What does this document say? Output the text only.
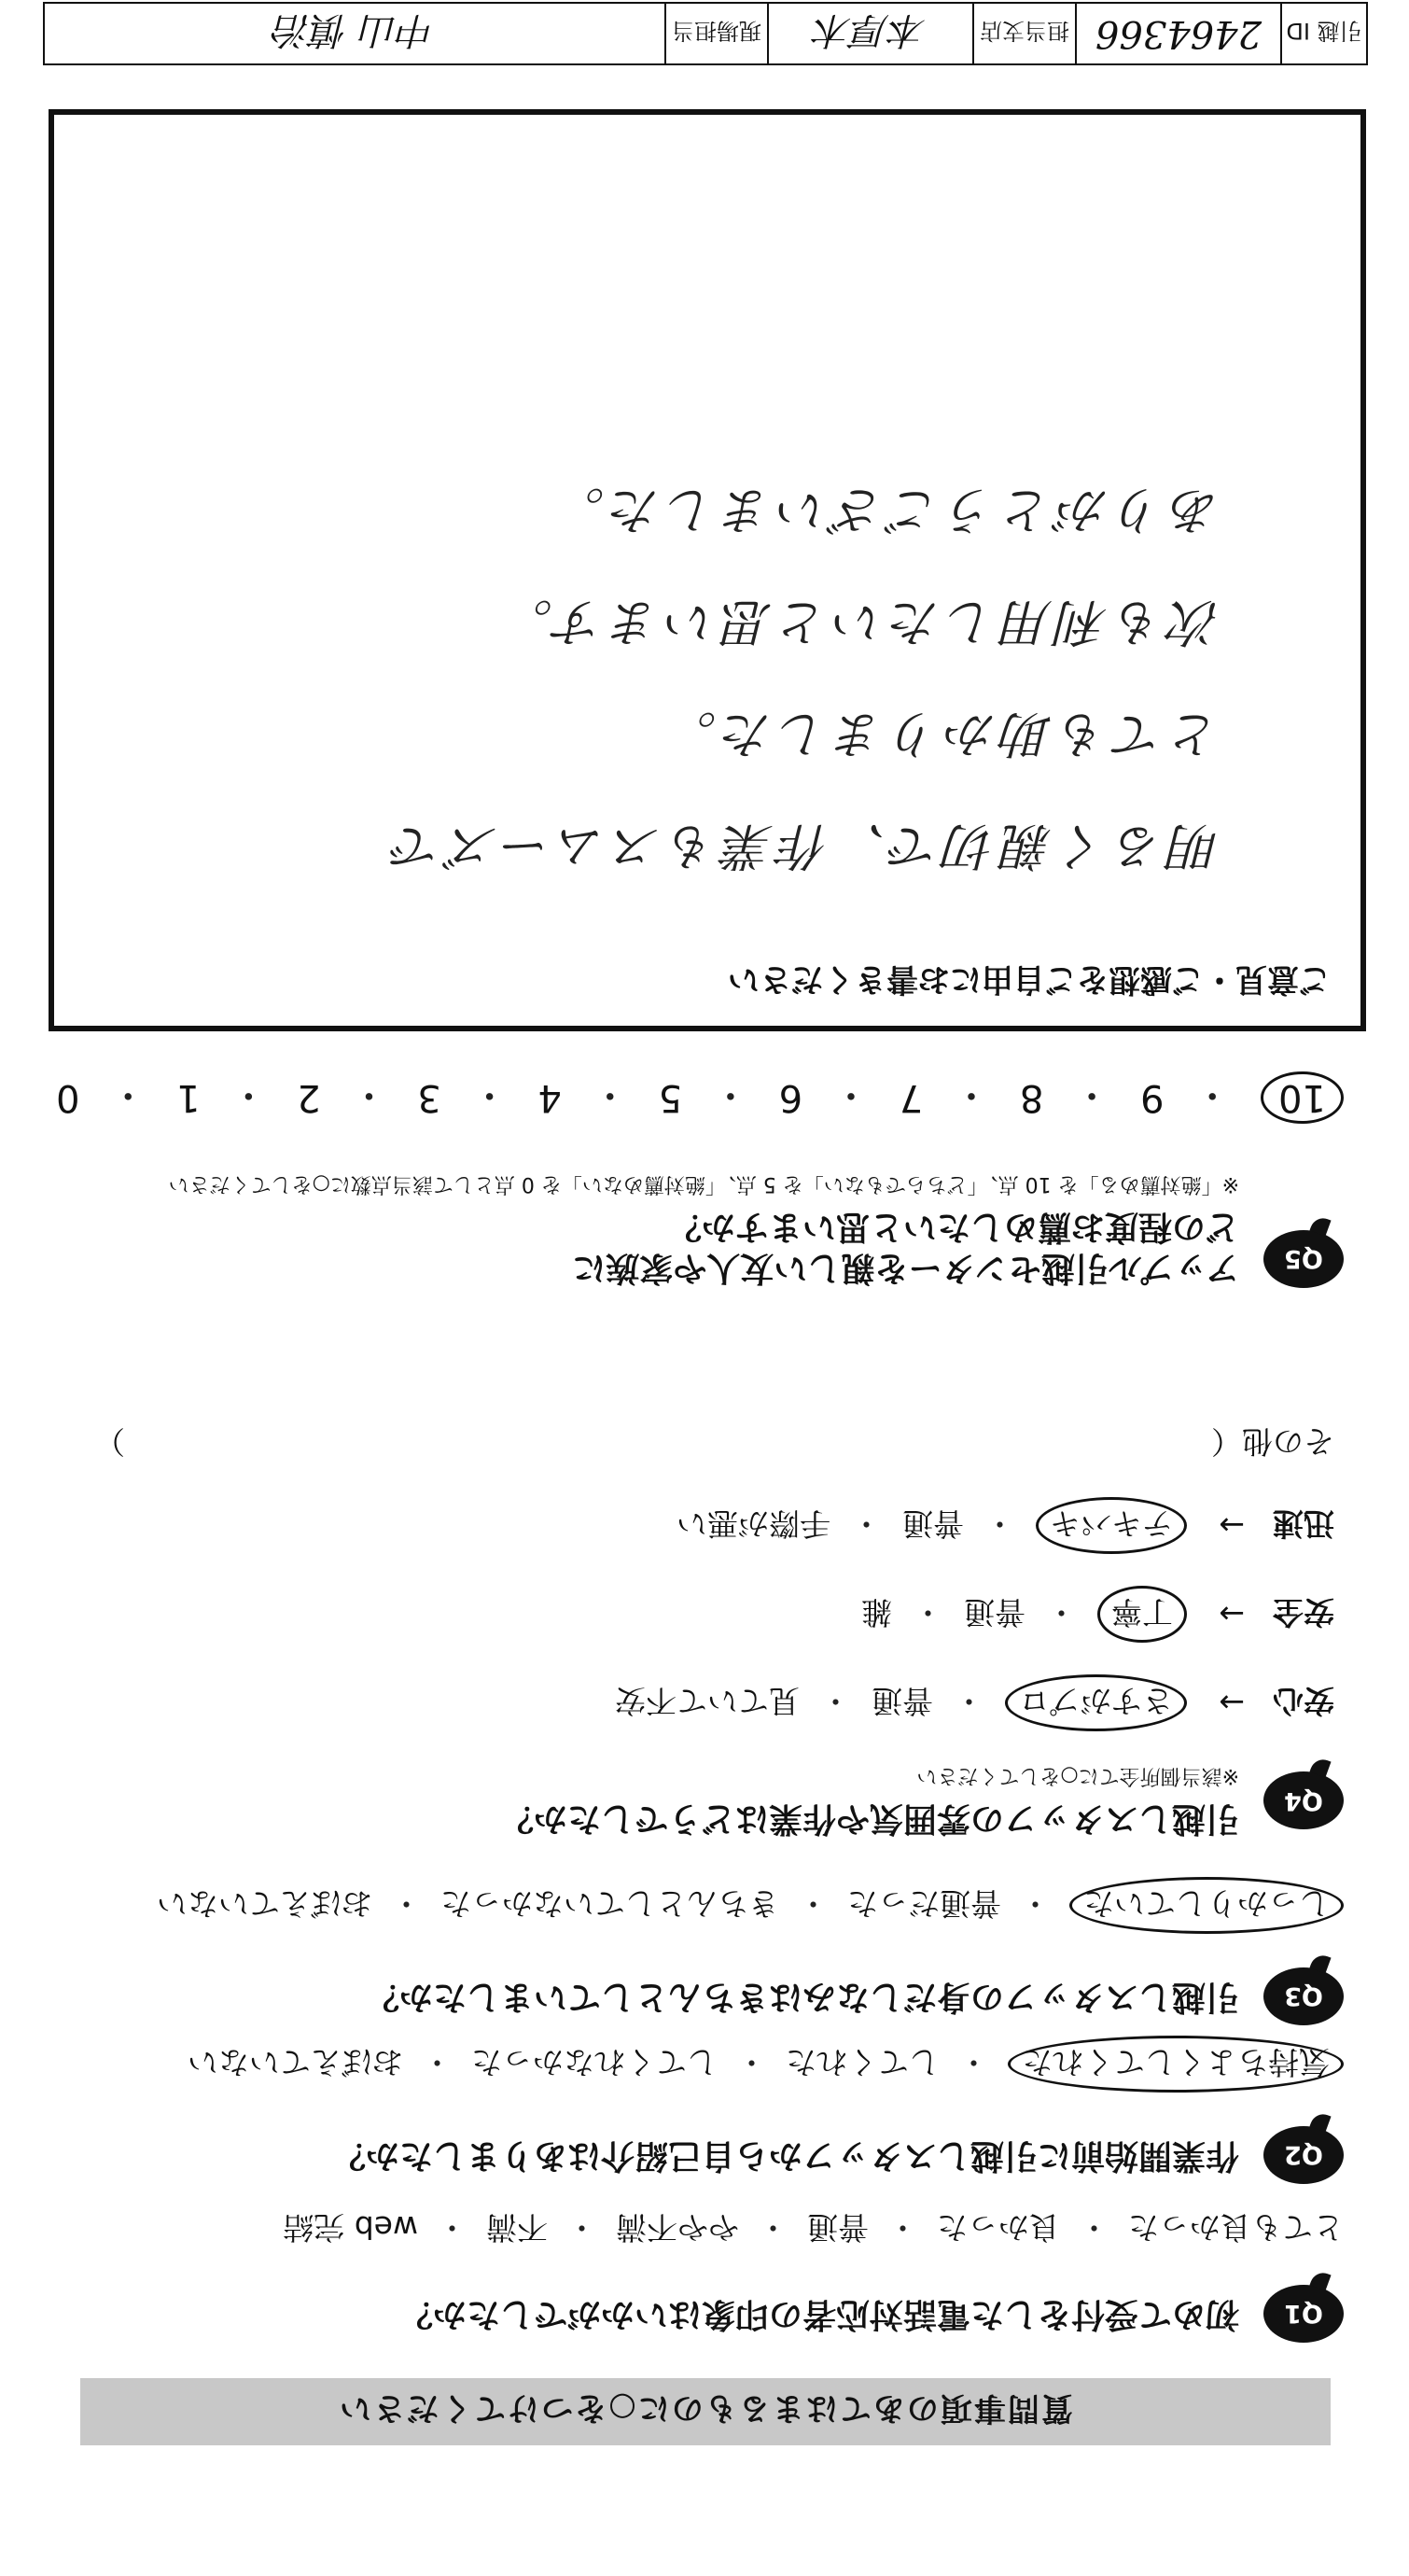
質問事項のあてはまるものに○をつけてください
Q1
初めて受付をした電話対応者の印象はいかがでしたか？
とても良かった
・
良かった
・
普通
・
やや不満
・
不満
・
web 完結
Q2
作業開始前に引越しスタッフから自己紹介はありましたか？
気持ちよくしてくれた
・
してくれた
・
してくれなかった
・
おぼえていない
Q3
引越しスタッフの身だしなみはきちんとしていましたか？
しっかりしていた
・
普通だった
・
きちんとしていなかった
・
おぼえていない
Q4
引越しスタッフの雰囲気や作業はどうでしたか？
※該当個所全てに○をしてください
安心
→
さすがプロ
・
普通
・
見ていて不安
安全
→
丁寧
・
普通
・
雑
迅速
→
テキパキ
・
普通
・
手際が悪い
その他（
）
Q5
アップル引越センターを親しい友人や家族に
どの程度お薦めしたいと思いますか？
※「絶対薦める」を 10 点、「どちらでもない」を 5 点、「絶対薦めない」を 0 点として該当点数に○をしてください
10
・
9
・
8
・
7
・
6
・
5
・
4
・
3
・
2
・
1
・
0
ご意見・ご感想をご自由にお書きください
明るく親切で、作業もスムーズで
とても助かりました。
次も利用したいと思います。
ありがとうございました。
引越 ID
2464366
担当支店
本厚木
現場担当
中山 慎治
